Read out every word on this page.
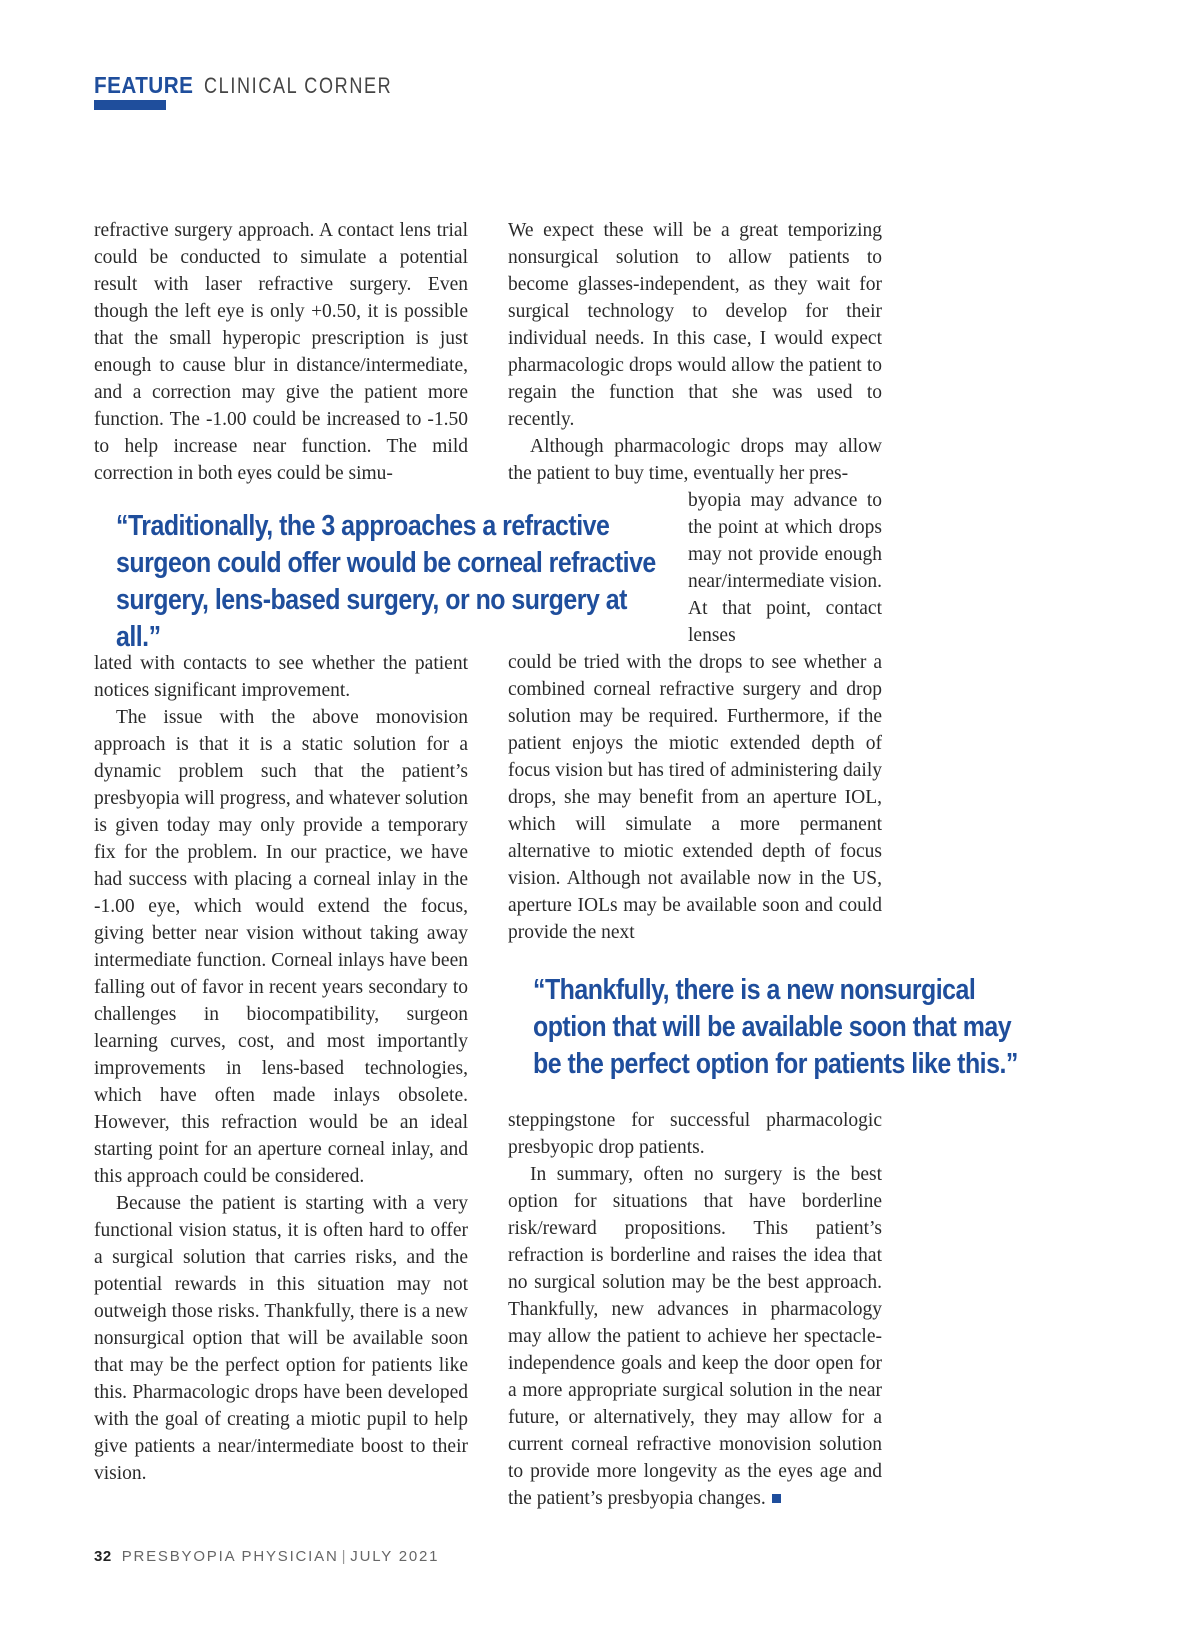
FEATURE CLINICAL CORNER

refractive surgery approach. A contact lens trial could be conducted to simulate a potential result with laser refractive surgery. Even though the left eye is only +0.50, it is possible that the small hyperopic prescription is just enough to cause blur in distance/intermediate, and a correction may give the patient more function. The -1.00 could be increased to -1.50 to help increase near function. The mild correction in both eyes could be simu-

“Traditionally, the 3 approaches a refractive surgeon could offer would be corneal refractive surgery, lens-based surgery, or no surgery at all.”

lated with contacts to see whether the patient notices significant improvement.

The issue with the above monovision approach is that it is a static solution for a dynamic problem such that the patient’s presbyopia will progress, and whatever solution is given today may only provide a temporary fix for the problem. In our practice, we have had success with placing a corneal inlay in the -1.00 eye, which would extend the focus, giving better near vision without taking away intermediate function. Corneal inlays have been falling out of favor in recent years secondary to challenges in biocompatibility, surgeon learning curves, cost, and most importantly improvements in lens-based technologies, which have often made inlays obsolete. However, this refraction would be an ideal starting point for an aperture corneal inlay, and this approach could be considered.

Because the patient is starting with a very functional vision status, it is often hard to offer a surgical solution that carries risks, and the potential rewards in this situation may not outweigh those risks. Thankfully, there is a new nonsurgical option that will be available soon that may be the perfect option for patients like this. Pharmacologic drops have been developed with the goal of creating a miotic pupil to help give patients a near/intermediate boost to their vision.

We expect these will be a great temporizing nonsurgical solution to allow patients to become glasses-independent, as they wait for surgical technology to develop for their individual needs. In this case, I would expect pharmacologic drops would allow the patient to regain the function that she was used to recently.

Although pharmacologic drops may allow the patient to buy time, eventually her pres-

byopia may advance to the point at which drops may not provide enough near/intermediate vision. At that point, contact lenses

could be tried with the drops to see whether a combined corneal refractive surgery and drop solution may be required. Furthermore, if the patient enjoys the miotic extended depth of focus vision but has tired of administering daily drops, she may benefit from an aperture IOL, which will simulate a more permanent alternative to miotic extended depth of focus vision. Although not available now in the US, aperture IOLs may be available soon and could provide the next

“Thankfully, there is a new nonsurgical option that will be available soon that may be the perfect option for patients like this.”

steppingstone for successful pharmacologic presbyopic drop patients.

In summary, often no surgery is the best option for situations that have borderline risk/reward propositions. This patient’s refraction is borderline and raises the idea that no surgical solution may be the best approach. Thankfully, new advances in pharmacology may allow the patient to achieve her spectacle-independence goals and keep the door open for a more appropriate surgical solution in the near future, or alternatively, they may allow for a current corneal refractive monovision solution to provide more longevity as the eyes age and the patient’s presbyopia changes.

32 PRESBYOPIA PHYSICIAN | JULY 2021
